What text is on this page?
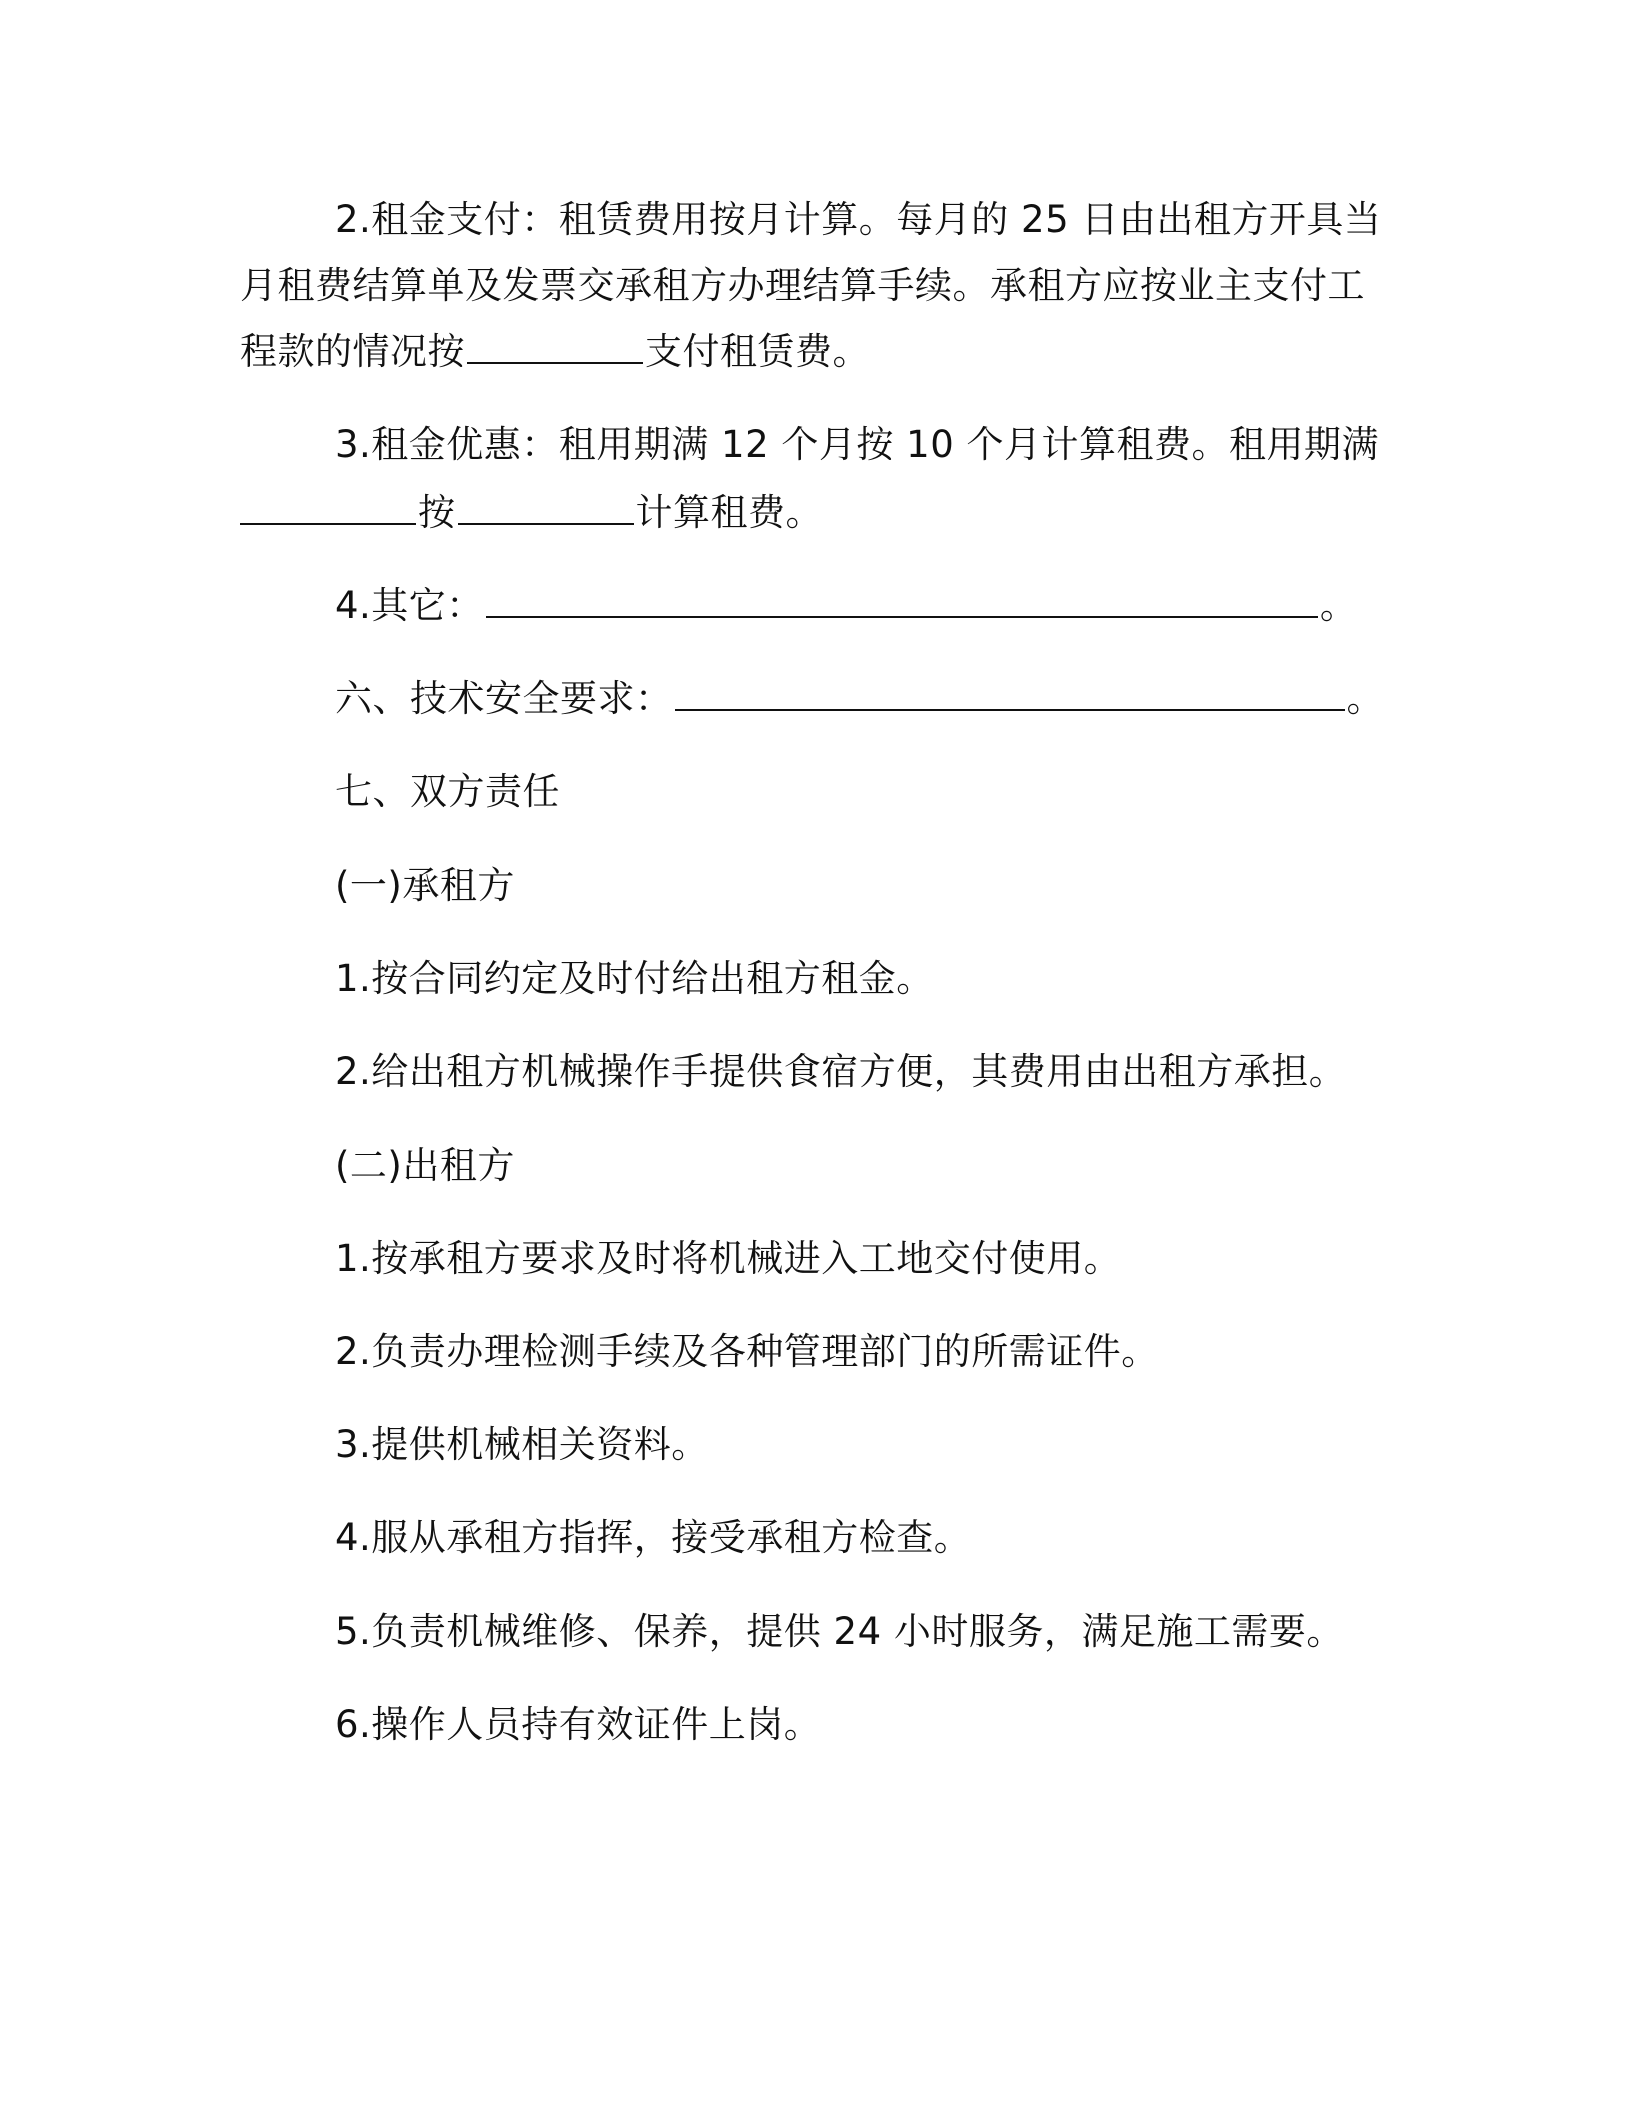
2.租金支付：租赁费用按月计算。每月的 25 日由出租方开具当
月租费结算单及发票交承租方办理结算手续。承租方应按业主支付工
程款的情况按	支付租赁费。
3.租金优惠：租用期满 12 个月按 10 个月计算租费。租用期满
按	计算租费。
4.其它：	。
六、技术安全要求：	。
七、双方责任
(一)承租方
1.按合同约定及时付给出租方租金。
2.给出租方机械操作手提供食宿方便，其费用由出租方承担。
(二)出租方
1.按承租方要求及时将机械进入工地交付使用。
2.负责办理检测手续及各种管理部门的所需证件。
3.提供机械相关资料。
4.服从承租方指挥，接受承租方检查。
5.负责机械维修、保养，提供 24 小时服务，满足施工需要。
6.操作人员持有效证件上岗。
